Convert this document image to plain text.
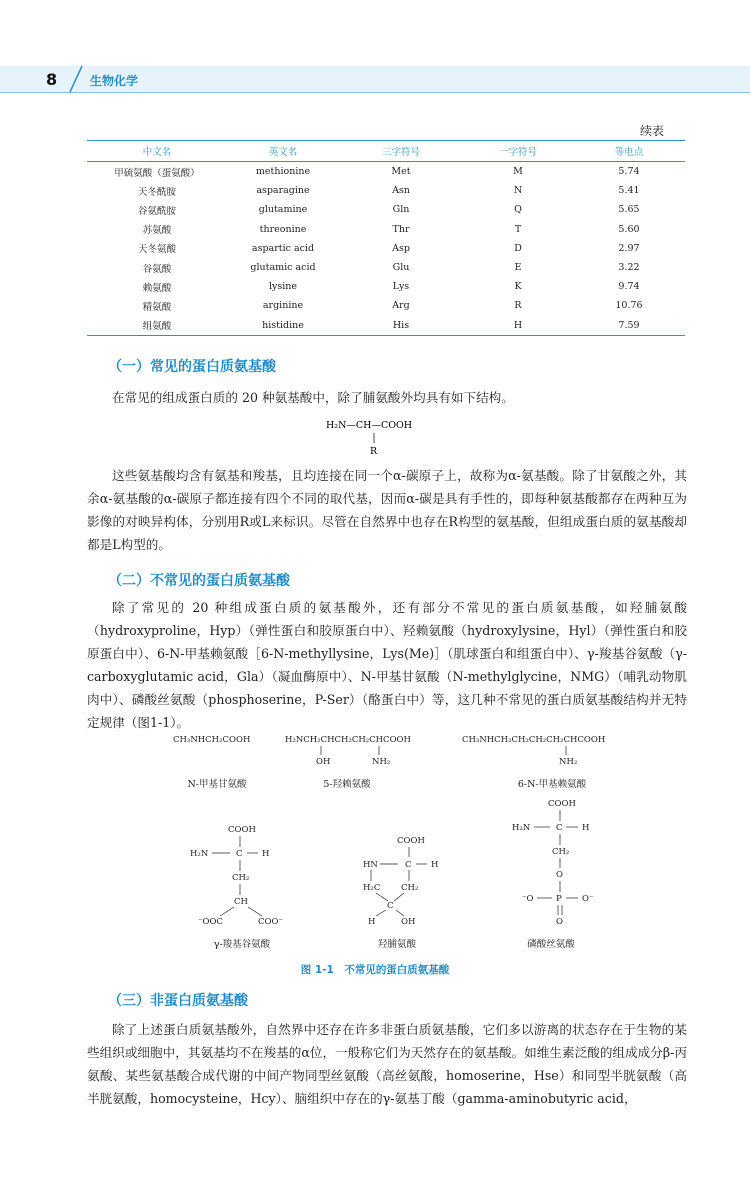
8	生物化学
续表
中文名	英文名	三字符号	一字符号	等电点
甲硫氨酸（蛋氨酸）	methionine	Met	M	5.74
天冬酰胺	asparagine	Asn	N	5.41
谷氨酰胺	glutamine	Gln	Q	5.65
苏氨酸	threonine	Thr	T	5.60
天冬氨酸	aspartic acid	Asp	D	2.97
谷氨酸	glutamic acid	Glu	E	3.22
赖氨酸	lysine	Lys	K	9.74
精氨酸	arginine	Arg	R	10.76
组氨酸	histidine	His	H	7.59
（一）常见的蛋白质氨基酸

在常见的组成蛋白质的 20 种氨基酸中，除了脯氨酸外均具有如下结构。

H₂N—CH—COOH
R

这些氨基酸均含有氨基和羧基，且均连接在同一个α-碳原子上，故称为α-氨基酸。除了甘氨酸之外，其余α-氨基酸的α-碳原子都连接有四个不同的取代基，因而α-碳是具有手性的，即每种氨基酸都存在两种互为影像的对映异构体，分别用R或L来标识。尽管在自然界中也存在R构型的氨基酸，但组成蛋白质的氨基酸却都是L构型的。

（二）不常见的蛋白质氨基酸

除了常见的 20 种组成蛋白质的氨基酸外，还有部分不常见的蛋白质氨基酸，如羟脯氨酸（hydroxyproline，Hyp）（弹性蛋白和胶原蛋白中）、羟赖氨酸（hydroxylysine，Hyl）（弹性蛋白和胶原蛋白中）、6-N-甲基赖氨酸［6-N-methyllysine，Lys(Me)］（肌球蛋白和组蛋白中）、γ-羧基谷氨酸（γ-carboxyglutamic acid，Gla）（凝血酶原中）、N-甲基甘氨酸（N-methylglycine，NMG）（哺乳动物肌肉中）、磷酸丝氨酸（phosphoserine，P-Ser）（酪蛋白中）等，这几种不常见的蛋白质氨基酸结构并无特定规律（图1-1）。

CH₃NHCH₂COOH	H₂NCH₂CHCH₂CH₂CHCOOH
OH	NH₂
CH₃NHCH₂CH₂CH₂CH₂CHCOOH
NH₂
COOH
H₂N	C H
CH₂
CH
⁻OOC	COO⁻
COOH
HN	C H
H₂C CH₂
C
H	OH
COOH
H₂N	C H
CH₂
O
⁻O	P O⁻
O
N-甲基甘氨酸	5-羟赖氨酸	6-N-甲基赖氨酸
γ-羧基谷氨酸	羟脯氨酸	磷酸丝氨酸
图 1-1　不常见的蛋白质氨基酸
（三）非蛋白质氨基酸

除了上述蛋白质氨基酸外，自然界中还存在许多非蛋白质氨基酸，它们多以游离的状态存在于生物的某些组织或细胞中，其氨基均不在羧基的α位，一般称它们为天然存在的氨基酸。如维生素泛酸的组成成分β-丙氨酸、某些氨基酸合成代谢的中间产物同型丝氨酸（高丝氨酸，homoserine，Hse）和同型半胱氨酸（高半胱氨酸，homocysteine，Hcy）、脑组织中存在的γ-氨基丁酸（gamma-aminobutyric acid，
